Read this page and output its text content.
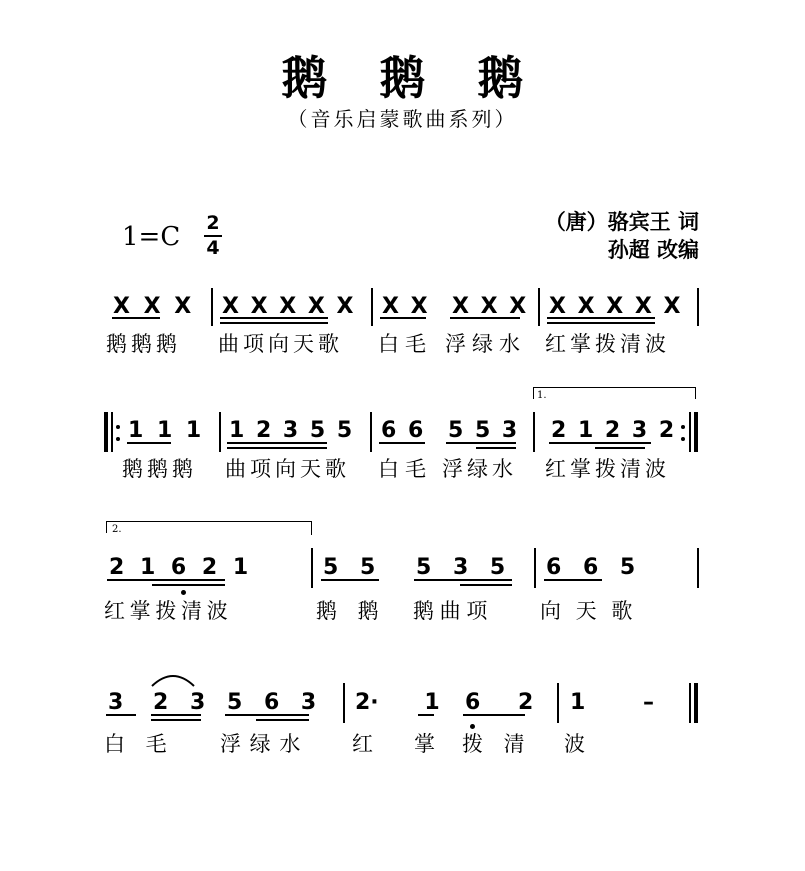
鹅 鹅 鹅
（音乐启蒙歌曲系列）
1=C 2
4
（唐）骆宾王 词
孙超 改编
X X X X X X X X X X X X X X X X X X
鹅鹅鹅 曲项向天歌 白毛 浮绿水 红掌拨清波
1.
1 1 1 1 2 3 5 5 6 6 5 5 3 2 1 2 3 2
鹅鹅鹅 曲项向天歌 白毛 浮绿水 红掌拨清波
2.
2 1 6 2 1	5 5 5 3 5 6 6 5
红 掌 拨 清 波	鹅 鹅 鹅 曲 项	向 天 歌
3 2 3 5 6 3 2· 1 6 2 1 –
白 毛	浮 绿 水 红 掌 拨 清 波
